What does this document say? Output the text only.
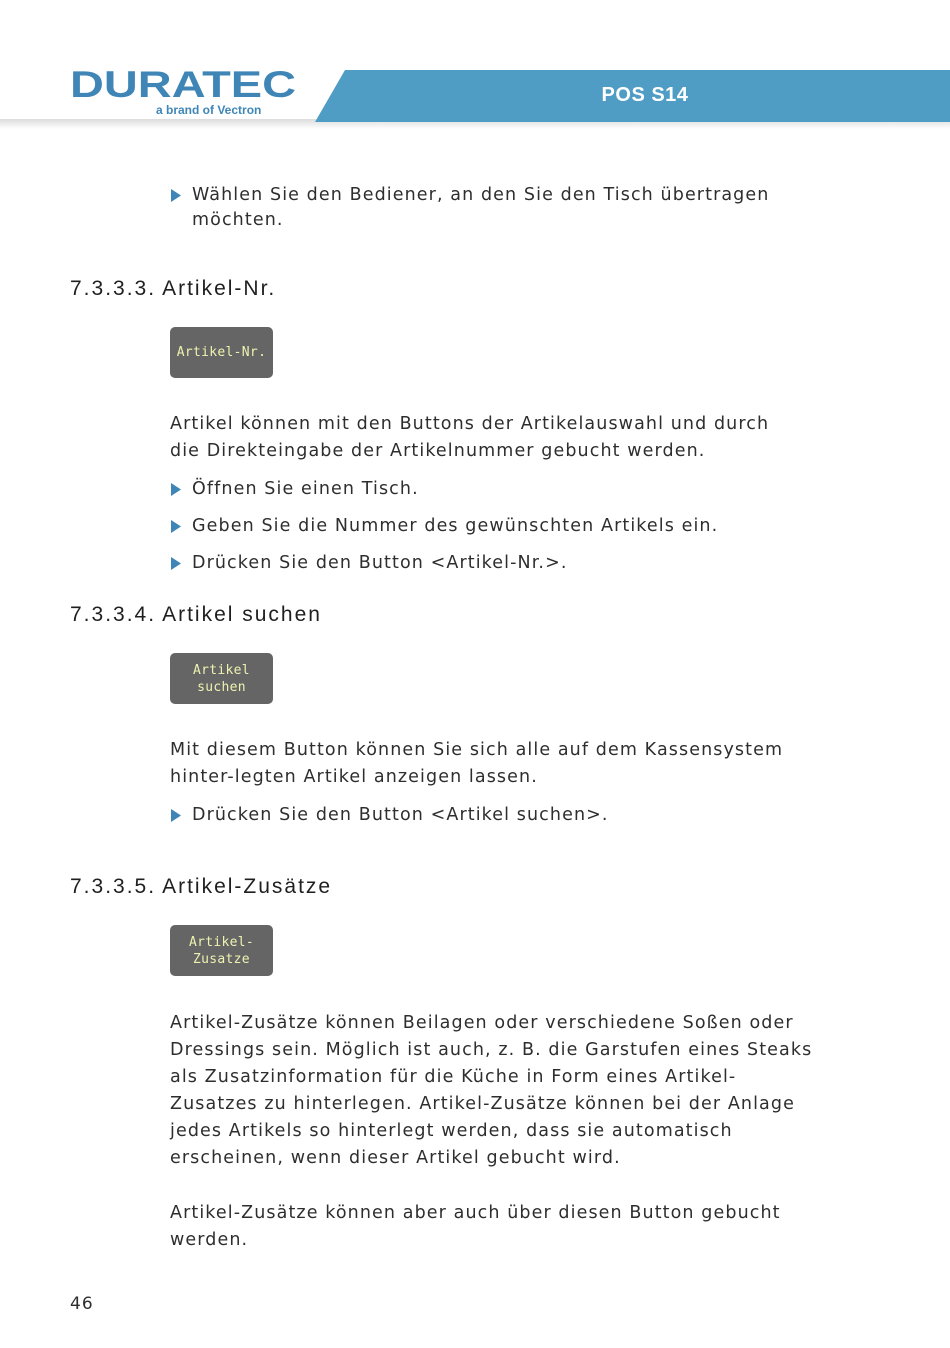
POS S14
DURATEC
a brand of Vectron
Wählen Sie den Bediener, an den Sie den Tisch übertragen
möchten.
7.3.3.3. Artikel-Nr.
Artikel-Nr.
Artikel können mit den Buttons der Artikelauswahl und durch die Direkteingabe der Artikelnummer gebucht werden.
Öffnen Sie einen Tisch.
Geben Sie die Nummer des gewünschten Artikels ein.
Drücken Sie den Button <Artikel-Nr.>.
7.3.3.4. Artikel suchen
Artikel
suchen
Mit diesem Button können Sie sich alle auf dem Kassensystem hinter-legten Artikel anzeigen lassen.
Drücken Sie den Button <Artikel suchen>.
7.3.3.5. Artikel-Zusätze
Artikel-
Zusatze
Artikel-Zusätze können Beilagen oder verschiedene Soßen oder Dressings sein. Möglich ist auch, z. B. die Garstufen eines Steaks als Zusatzinformation für die Küche in Form eines Artikel-Zusatzes zu hinterlegen. Artikel-Zusätze können bei der Anlage jedes Artikels so hinterlegt werden, dass sie automatisch erscheinen, wenn dieser Artikel gebucht wird.
Artikel-Zusätze können aber auch über diesen Button gebucht werden.
46
